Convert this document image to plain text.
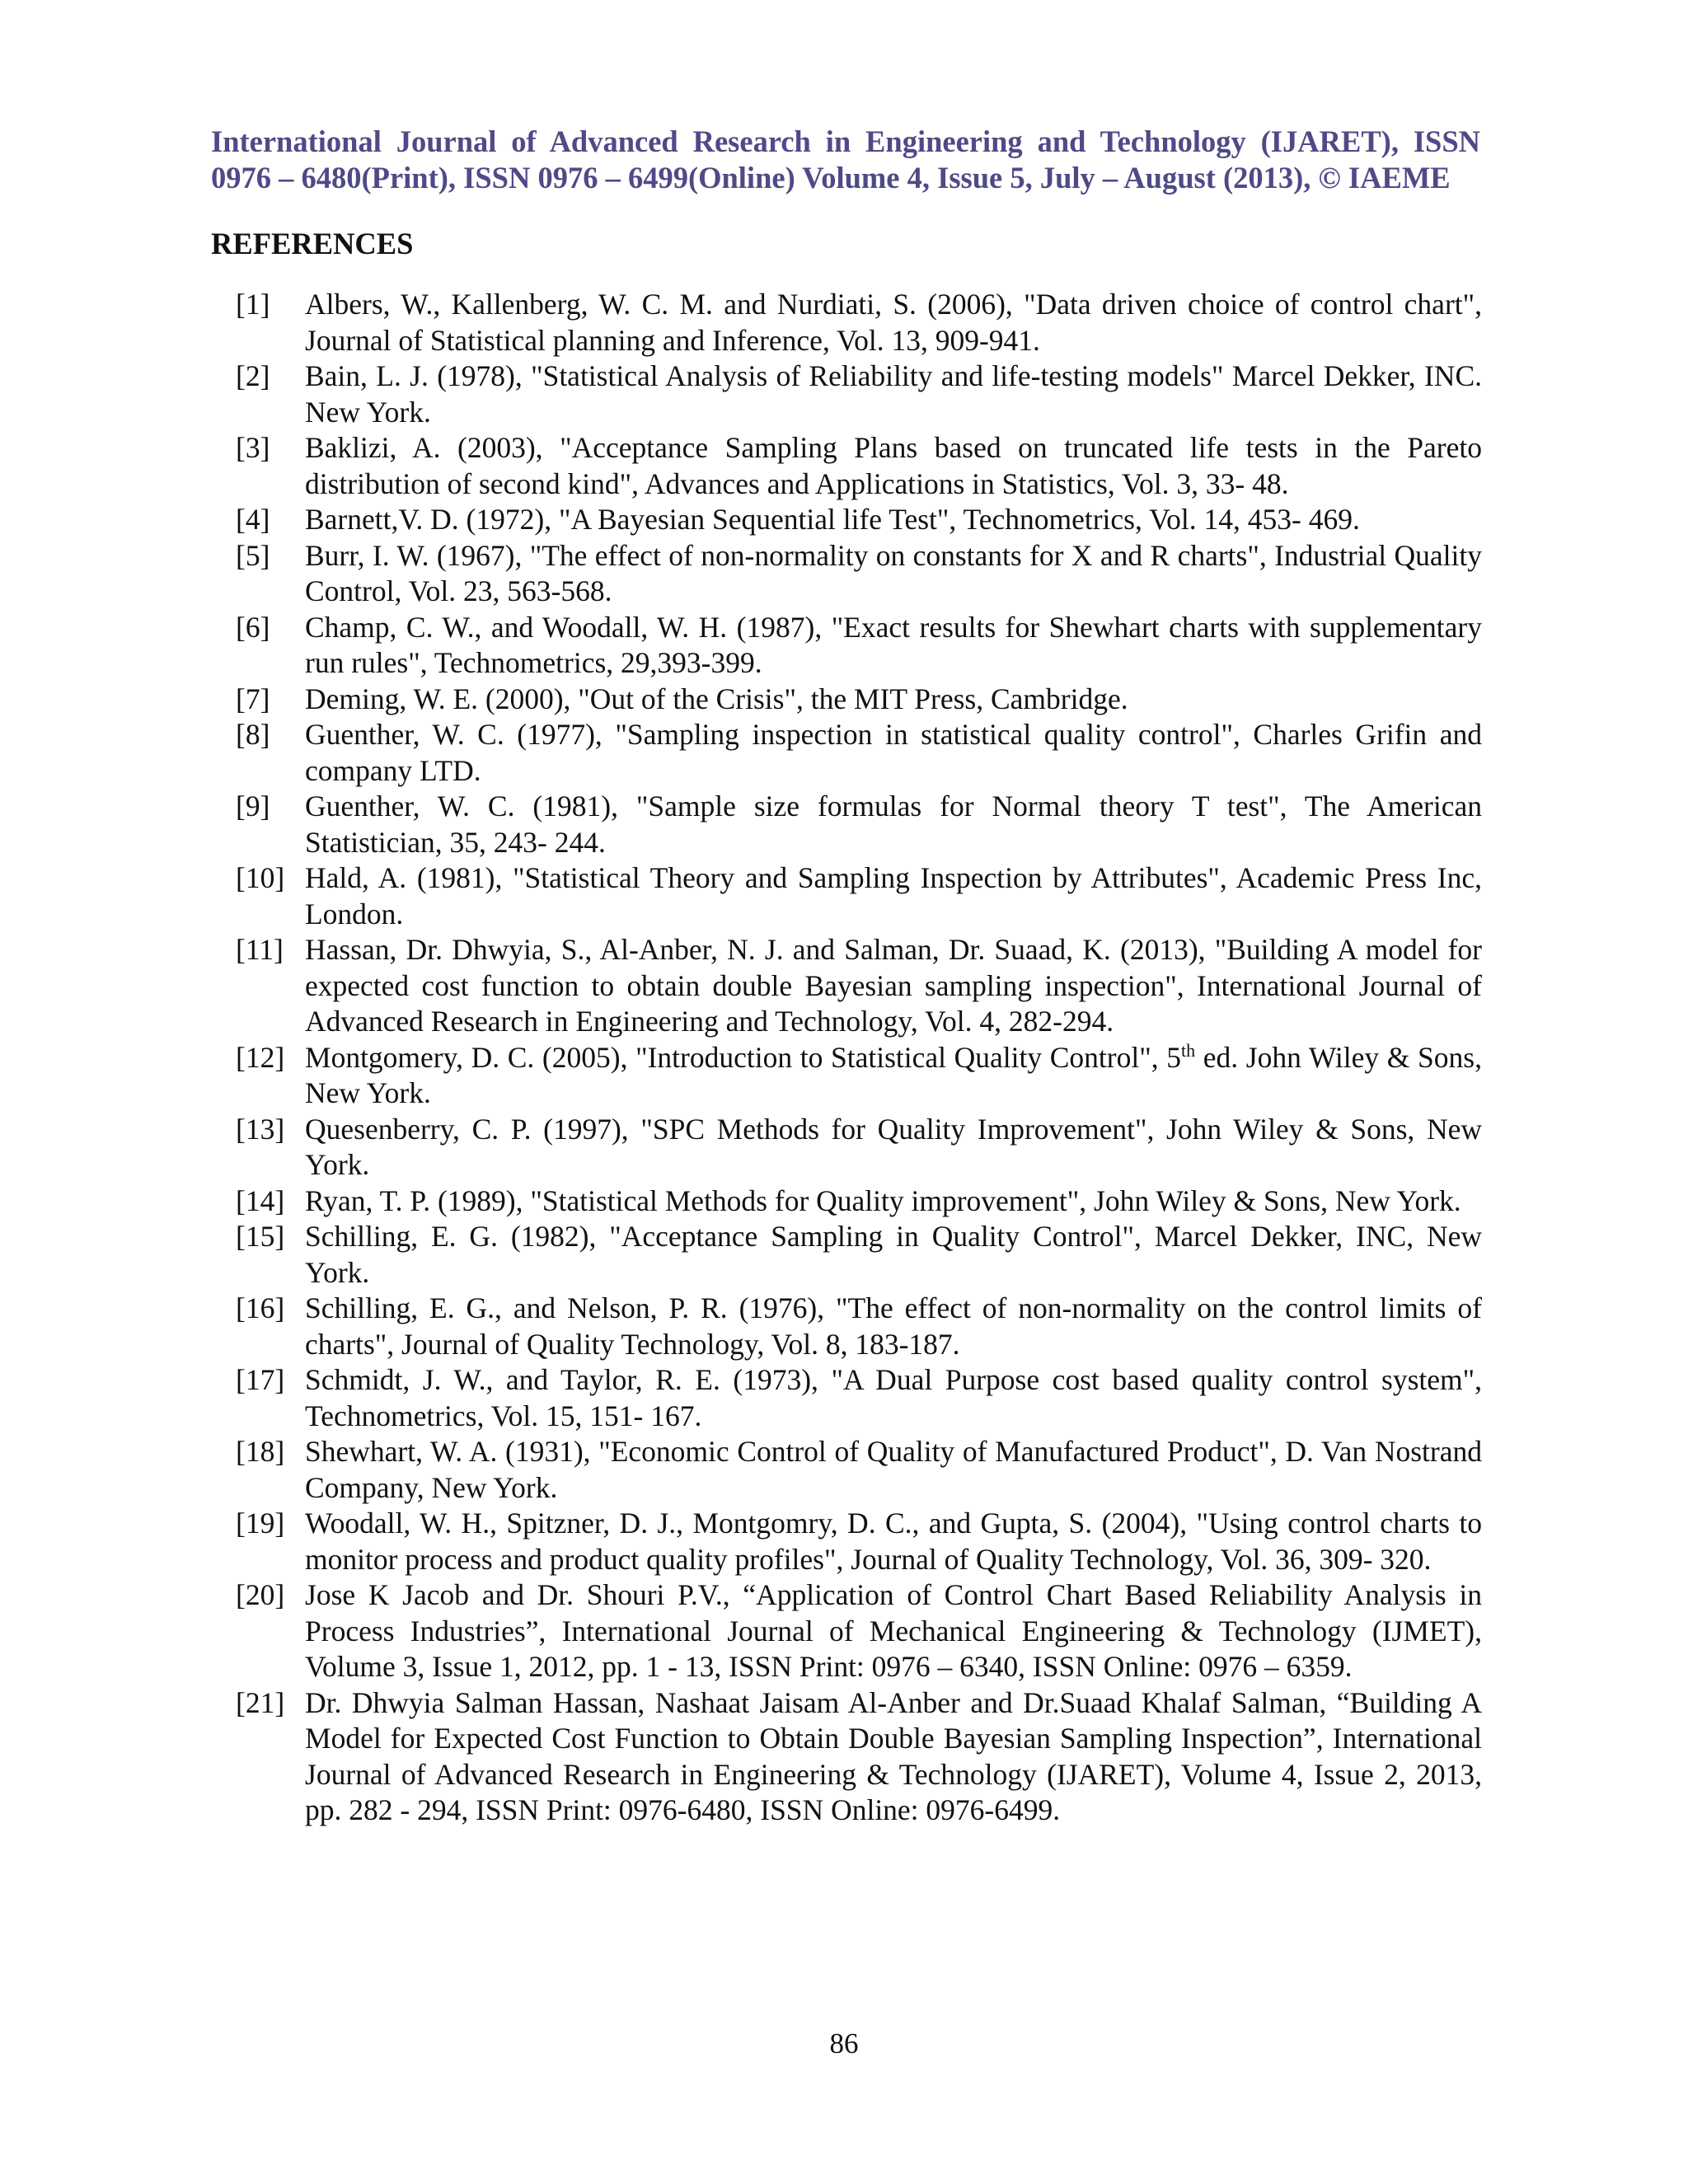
International Journal of Advanced Research in Engineering and Technology (IJARET), ISSN
0976 – 6480(Print), ISSN 0976 – 6499(Online) Volume 4, Issue 5, July – August (2013), © IAEME
REFERENCES
[1]	Albers, W., Kallenberg, W. C. M. and Nurdiati, S. (2006), "Data driven choice of control chart", Journal of Statistical planning and Inference, Vol. 13, 909-941.
[2]	Bain, L. J. (1978), "Statistical Analysis of Reliability and life-testing models" Marcel Dekker, INC. New York.
[3]	Baklizi, A. (2003), "Acceptance Sampling Plans based on truncated life tests in the Pareto distribution of second kind", Advances and Applications in Statistics, Vol. 3, 33- 48.
[4]	Barnett,V. D. (1972), "A Bayesian Sequential life Test", Technometrics, Vol. 14, 453- 469.
[5]	Burr, I. W. (1967), "The effect of non-normality on constants for X and R charts", Industrial Quality Control, Vol. 23, 563-568.
[6]	Champ, C. W., and Woodall, W. H. (1987), "Exact results for Shewhart charts with supplementary run rules", Technometrics, 29,393-399.
[7]	Deming, W. E. (2000), "Out of the Crisis", the MIT Press, Cambridge.
[8]	Guenther, W. C. (1977), "Sampling inspection in statistical quality control", Charles Grifin and company LTD.
[9]	Guenther, W. C. (1981), "Sample size formulas for Normal theory T test", The American Statistician, 35, 243- 244.
[10] Hald, A. (1981), "Statistical Theory and Sampling Inspection by Attributes", Academic Press Inc, London.
[11] Hassan, Dr. Dhwyia, S., Al-Anber, N. J. and Salman, Dr. Suaad, K. (2013), "Building A model for expected cost function to obtain double Bayesian sampling inspection", International Journal of Advanced Research in Engineering and Technology, Vol. 4, 282-294.
[12] Montgomery, D. C. (2005), "Introduction to Statistical Quality Control", 5th ed. John Wiley & Sons, New York.
[13] Quesenberry, C. P. (1997), "SPC Methods for Quality Improvement", John Wiley & Sons, New York.
[14] Ryan, T. P. (1989), "Statistical Methods for Quality improvement", John Wiley & Sons, New York.
[15] Schilling, E. G. (1982), "Acceptance Sampling in Quality Control", Marcel Dekker, INC, New York.
[16] Schilling, E. G., and Nelson, P. R. (1976), "The effect of non-normality on the control limits of charts", Journal of Quality Technology, Vol. 8, 183-187.
[17] Schmidt, J. W., and Taylor, R. E. (1973), "A Dual Purpose cost based quality control system", Technometrics, Vol. 15, 151- 167.
[18] Shewhart, W. A. (1931), "Economic Control of Quality of Manufactured Product", D. Van Nostrand Company, New York.
[19] Woodall, W. H., Spitzner, D. J., Montgomry, D. C., and Gupta, S. (2004), "Using control charts to monitor process and product quality profiles", Journal of Quality Technology, Vol. 36, 309- 320.
[20] Jose K Jacob and Dr. Shouri P.V., “Application of Control Chart Based Reliability Analysis in Process Industries”, International Journal of Mechanical Engineering & Technology (IJMET), Volume 3, Issue 1, 2012, pp. 1 - 13, ISSN Print: 0976 – 6340, ISSN Online: 0976 – 6359.
[21] Dr. Dhwyia Salman Hassan, Nashaat Jaisam Al-Anber and Dr.Suaad Khalaf Salman, “Building A Model for Expected Cost Function to Obtain Double Bayesian Sampling Inspection”, International Journal of Advanced Research in Engineering & Technology (IJARET), Volume 4, Issue 2, 2013, pp. 282 - 294, ISSN Print: 0976-6480, ISSN Online: 0976-6499.
86
